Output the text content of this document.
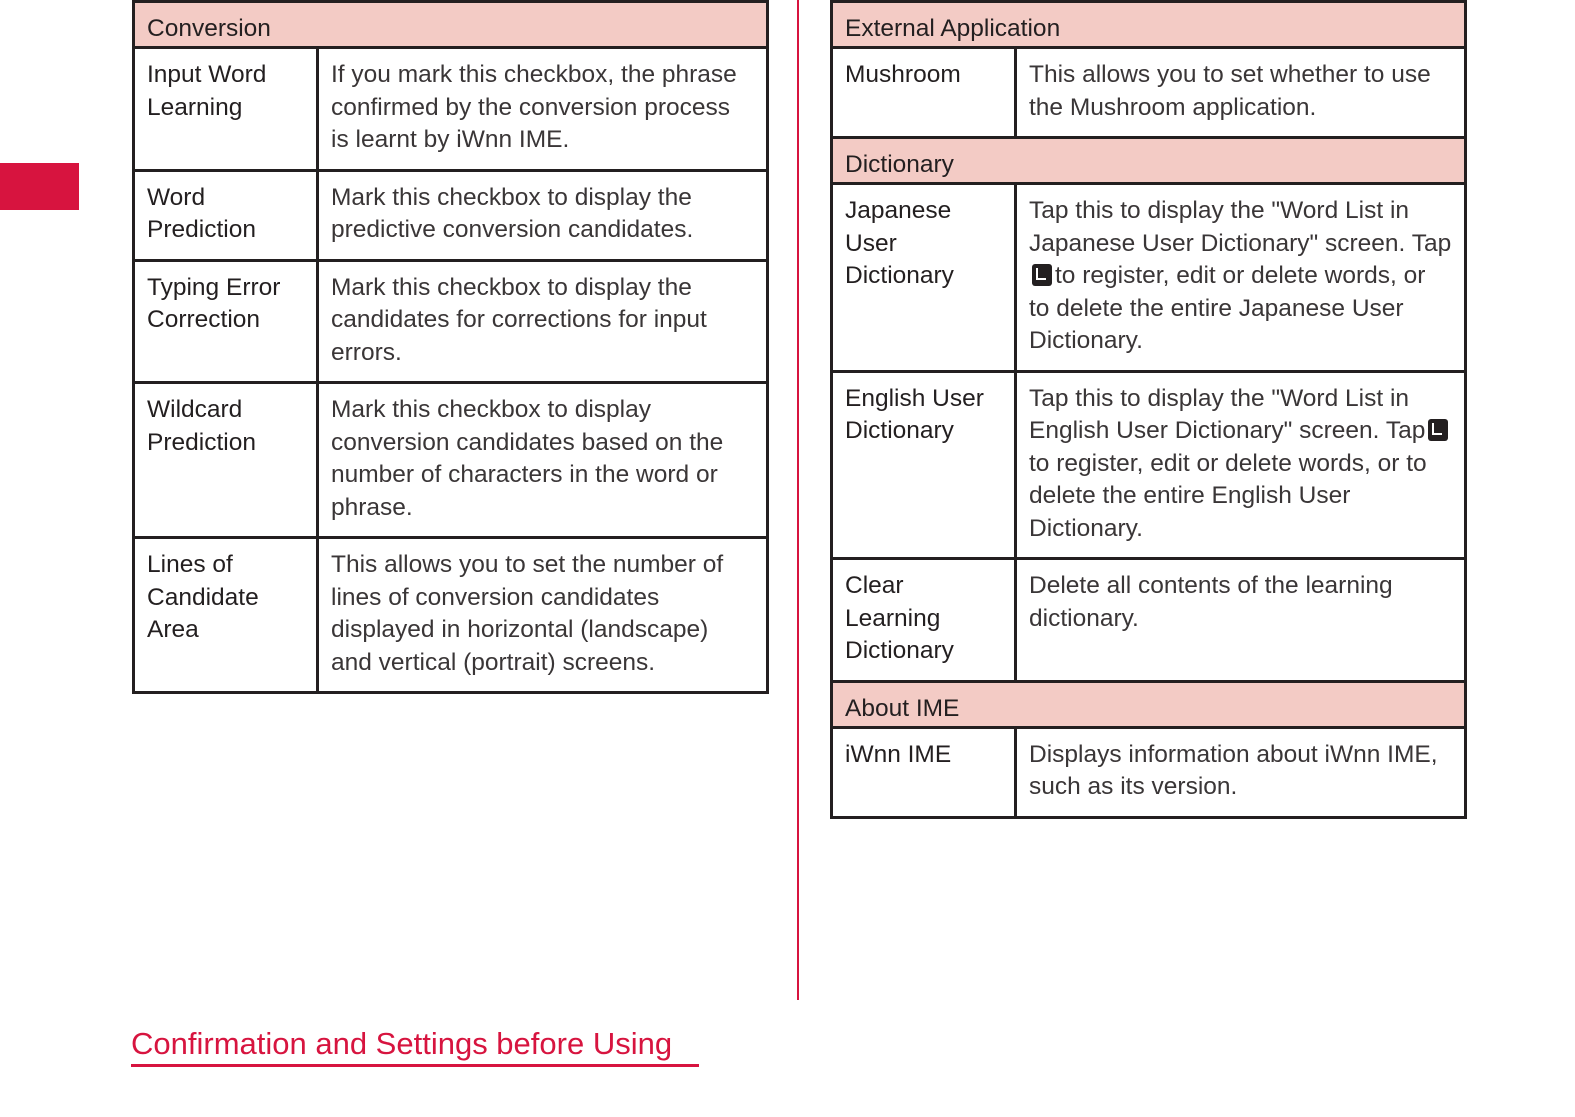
Conversion	
Input Word Learning	If you mark this checkbox, the phrase confirmed by the conversion process is learnt by iWnn IME.
Word Prediction	Mark this checkbox to display the predictive conversion candidates.
Typing Error Correction	Mark this checkbox to display the candidates for corrections for input errors.
Wildcard Prediction	Mark this checkbox to display conversion candidates based on the number of characters in the word or phrase.
Lines of Candidate Area	This allows you to set the number of lines of conversion candidates displayed in horizontal (landscape) and vertical (portrait) screens.
External Application	
Mushroom	This allows you to set whether to use the Mushroom application.
Dictionary	
Japanese User Dictionary	Tap this to display the "Word List in Japanese User Dictionary" screen. Tapto register, edit or delete words, or to delete the entire Japanese User Dictionary.
English User Dictionary	Tap this to display the "Word List in English User Dictionary" screen. Tapto register, edit or delete words, or to delete the entire English User Dictionary.
Clear Learning Dictionary	Delete all contents of the learning dictionary.
About IME	
iWnn IME	Displays information about iWnn IME, such as its version.
Confirmation and Settings before Using
